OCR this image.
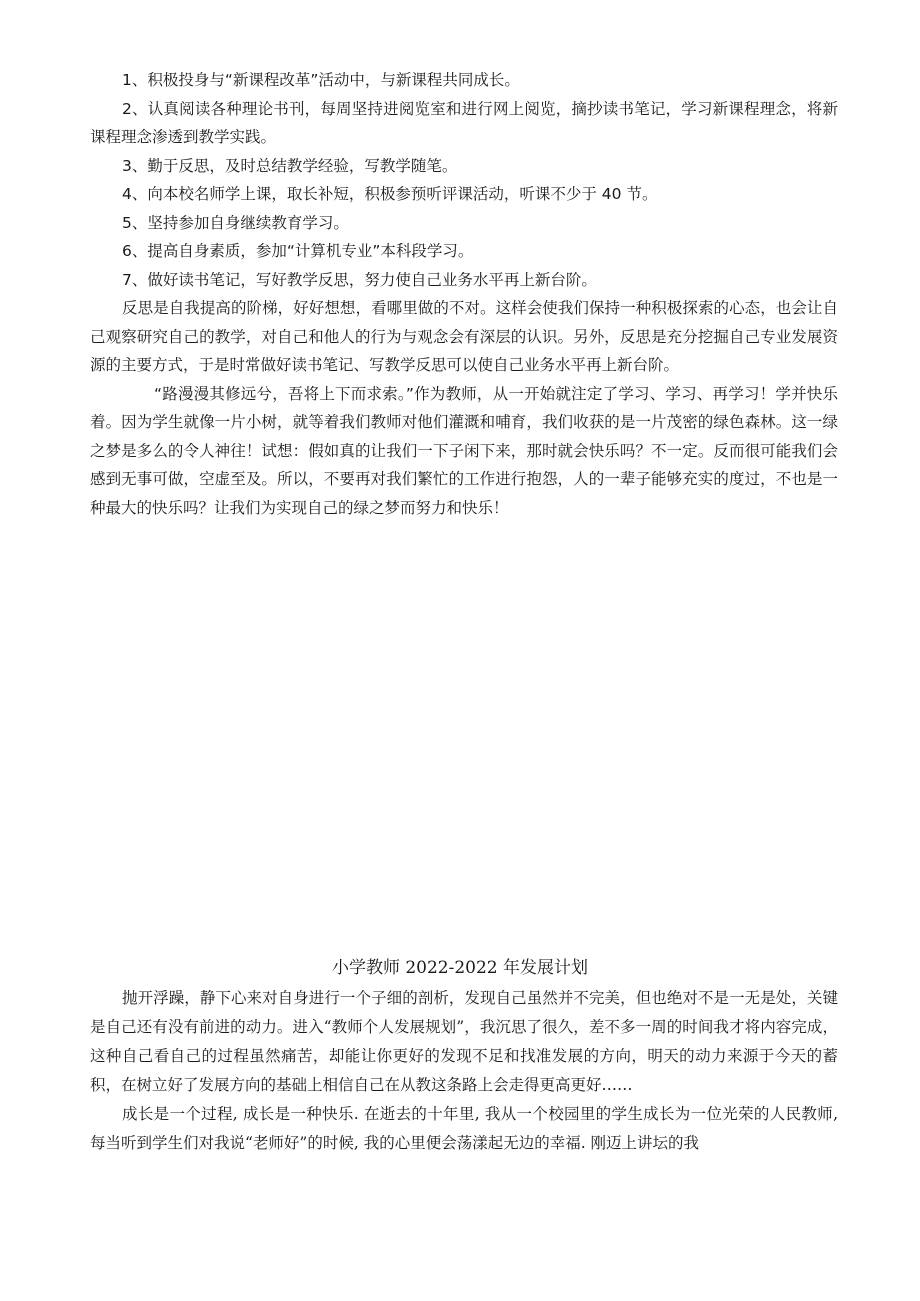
1、积极投身与“新课程改革”活动中，与新课程共同成长。

2、认真阅读各种理论书刊，每周坚持进阅览室和进行网上阅览，摘抄读书笔记，学习新课程理念，将新课程理念渗透到教学实践。

3、勤于反思，及时总结教学经验，写教学随笔。

4、向本校名师学上课，取长补短，积极参预听评课活动，听课不少于 40 节。

5、坚持参加自身继续教育学习。

6、提高自身素质，参加“计算机专业”本科段学习。

7、做好读书笔记，写好教学反思，努力使自己业务水平再上新台阶。

反思是自我提高的阶梯，好好想想，看哪里做的不对。这样会使我们保持一种积极探索的心态，也会让自己观察研究自己的教学，对自己和他人的行为与观念会有深层的认识。另外，反思是充分挖掘自己专业发展资源的主要方式，于是时常做好读书笔记、写教学反思可以使自己业务水平再上新台阶。

“路漫漫其修远兮，吾将上下而求索。”作为教师，从一开始就注定了学习、学习、再学习！学并快乐着。因为学生就像一片小树，就等着我们教师对他们灌溉和哺育，我们收获的是一片茂密的绿色森林。这一绿之梦是多么的令人神往！试想：假如真的让我们一下子闲下来，那时就会快乐吗？不一定。反而很可能我们会感到无事可做，空虚至及。所以，不要再对我们繁忙的工作进行抱怨，人的一辈子能够充实的度过，不也是一种最大的快乐吗？让我们为实现自己的绿之梦而努力和快乐！

小学教师 2022-2022 年发展计划

抛开浮躁，静下心来对自身进行一个子细的剖析，发现自己虽然并不完美，但也绝对不是一无是处，关键是自己还有没有前进的动力。进入“教师个人发展规划”，我沉思了很久，差不多一周的时间我才将内容完成，这种自己看自己的过程虽然痛苦，却能让你更好的发现不足和找准发展的方向，明天的动力来源于今天的蓄积，在树立好了发展方向的基础上相信自己在从教这条路上会走得更高更好……

成长是一个过程, 成长是一种快乐. 在逝去的十年里, 我从一个校园里的学生成长为一位光荣的人民教师, 每当听到学生们对我说“老师好”的时候, 我的心里便会荡漾起无边的幸福. 刚迈上讲坛的我
